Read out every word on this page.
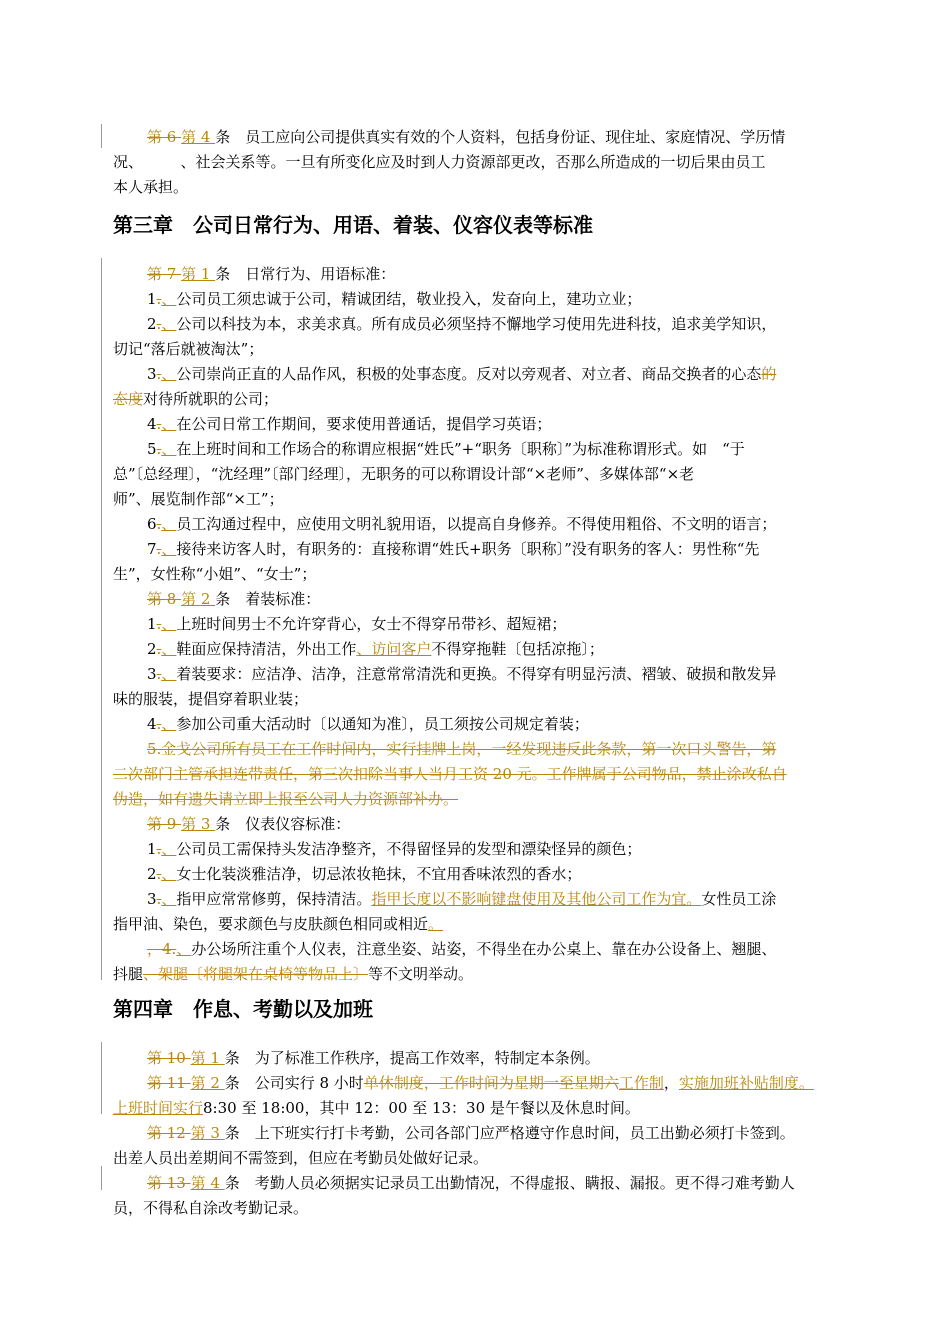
第 6 第 4 条　员工应向公司提供真实有效的个人资料，包括身份证、现住址、家庭情况、学历情
况、　　　、社会关系等。一旦有所变化应及时到人力资源部更改，否那么所造成的一切后果由员工
本人承担。
第三章　公司日常行为、用语、着装、仪容仪表等标准
第 7 第 1 条　日常行为、用语标准：
1.、公司员工须忠诚于公司，精诚团结，敬业投入，发奋向上，建功立业；
2.、公司以科技为本，求美求真。所有成员必须坚持不懈地学习使用先进科技，追求美学知识，
切记“落后就被淘汰”；
3.、公司崇尚正直的人品作风，积极的处事态度。反对以旁观者、对立者、商品交换者的心态的
态度对待所就职的公司；
4.、在公司日常工作期间，要求使用普通话，提倡学习英语；
5.、在上班时间和工作场合的称谓应根据“姓氏”+“职务〔职称〕”为标准称谓形式。如　“于
总”〔总经理〕，“沈经理”〔部门经理〕，无职务的可以称谓设计部“×老师”、多媒体部“×老
师”、展览制作部“×工”；
6.、员工沟通过程中，应使用文明礼貌用语，以提高自身修养。不得使用粗俗、不文明的语言；
7.、接待来访客人时，有职务的：直接称谓“姓氏+职务〔职称〕”没有职务的客人：男性称“先
生”，女性称“小姐”、“女士”；
第 8 第 2 条　着装标准：
1.、上班时间男士不允许穿背心，女士不得穿吊带衫、超短裙；
2.、鞋面应保持清洁，外出工作、访问客户不得穿拖鞋〔包括凉拖〕；
3.、着装要求：应洁净、洁净，注意常常清洗和更换。不得穿有明显污渍、褶皱、破损和散发异
味的服装，提倡穿着职业装；
4.、参加公司重大活动时〔以通知为准〕，员工须按公司规定着装；
5.金戈公司所有员工在工作时间内，实行挂牌上岗，一经发现违反此条款，第一次口头警告，第
二次部门主管承担连带责任，第三次扣除当事人当月工资 20 元。工作牌属于公司物品，禁止涂改私自
伪造，如有遗失请立即上报至公司人力资源部补办。
第 9 第 3 条　仪表仪容标准：
1.、公司员工需保持头发洁净整齐，不得留怪异的发型和漂染怪异的颜色；
2.、女士化装淡雅洁净，切忌浓妆艳抹，不宜用香味浓烈的香水；
3.、指甲应常常修剪，保持清洁。指甲长度以不影响键盘使用及其他公司工作为宜。女性员工涂
指甲油、染色，要求颜色与皮肤颜色相同或相近。
，4.、办公场所注重个人仪表，注意坐姿、站姿，不得坐在办公桌上、靠在办公设备上、翘腿、
抖腿、架腿〔将腿架在桌椅等物品上〕等不文明举动。
第四章　作息、考勤以及加班
第 10 第 1 条　为了标准工作秩序，提高工作效率，特制定本条例。
第 11 第 2 条　公司实行 8 小时单休制度，工作时间为星期一至星期六工作制，实施加班补贴制度。
上班时间实行8:30 至 18:00，其中 12：00 至 13：30 是午餐以及休息时间。
第 12 第 3 条　上下班实行打卡考勤，公司各部门应严格遵守作息时间，员工出勤必须打卡签到。
出差人员出差期间不需签到，但应在考勤员处做好记录。
第 13 第 4 条　考勤人员必须据实记录员工出勤情况，不得虚报、瞒报、漏报。更不得刁难考勤人
员，不得私自涂改考勤记录。
